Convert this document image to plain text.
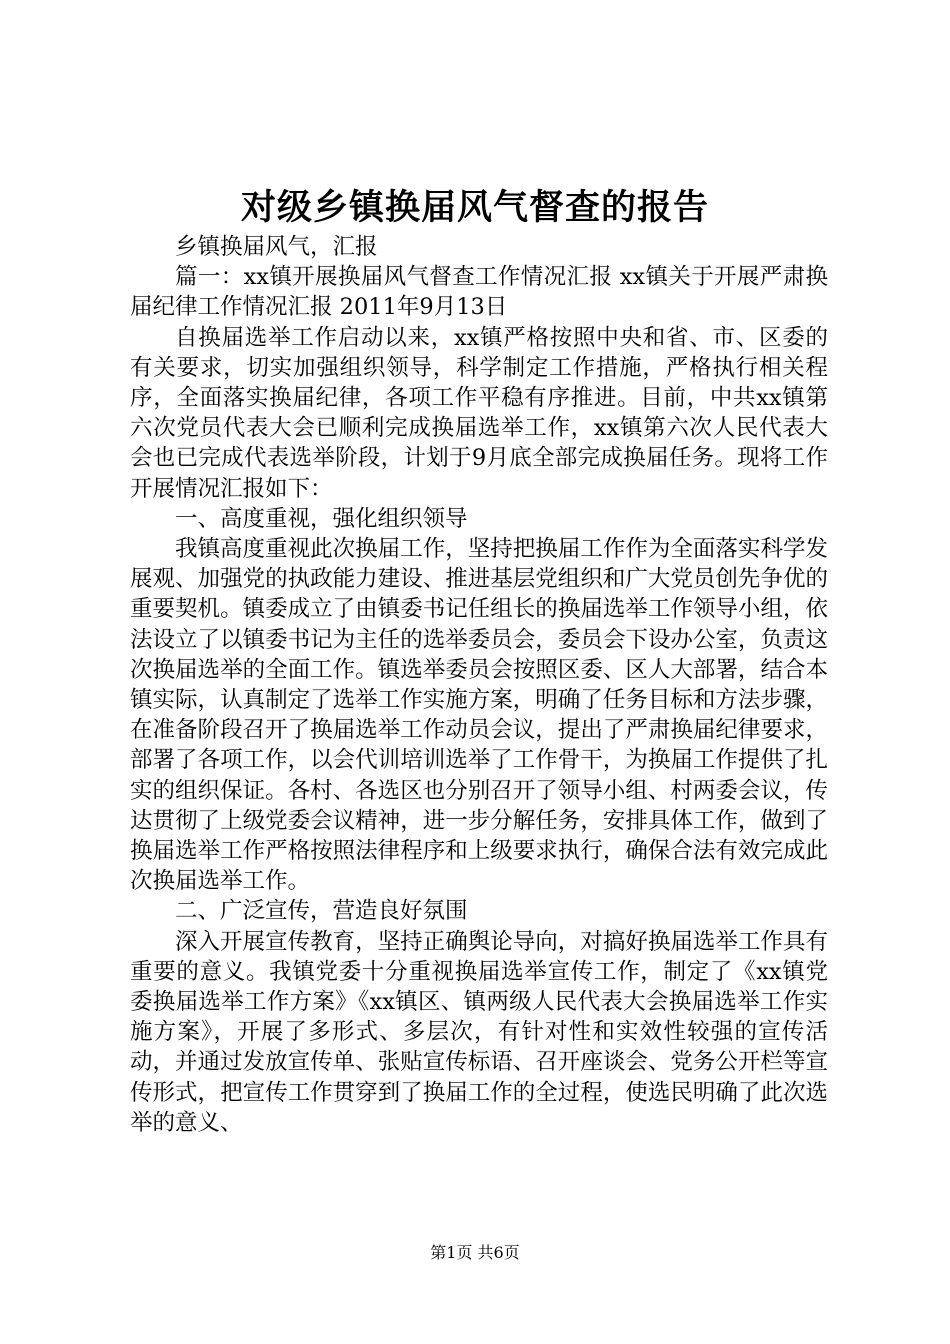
对级乡镇换届风气督查的报告

乡镇换届风气，汇报

篇一：xx镇开展换届风气督查工作情况汇报 xx镇关于开展严肃换届纪律工作情况汇报 2011年9月13日

自换届选举工作启动以来，xx镇严格按照中央和省、市、区委的有关要求，切实加强组织领导，科学制定工作措施，严格执行相关程序，全面落实换届纪律，各项工作平稳有序推进。目前，中共xx镇第六次党员代表大会已顺利完成换届选举工作，xx镇第六次人民代表大会也已完成代表选举阶段，计划于9月底全部完成换届任务。现将工作开展情况汇报如下：

一、高度重视，强化组织领导

我镇高度重视此次换届工作，坚持把换届工作作为全面落实科学发展观、加强党的执政能力建设、推进基层党组织和广大党员创先争优的重要契机。镇委成立了由镇委书记任组长的换届选举工作领导小组，依法设立了以镇委书记为主任的选举委员会，委员会下设办公室，负责这次换届选举的全面工作。镇选举委员会按照区委、区人大部署，结合本镇实际，认真制定了选举工作实施方案，明确了任务目标和方法步骤，在准备阶段召开了换届选举工作动员会议，提出了严肃换届纪律要求，部署了各项工作，以会代训培训选举了工作骨干，为换届工作提供了扎实的组织保证。各村、各选区也分别召开了领导小组、村两委会议，传达贯彻了上级党委会议精神，进一步分解任务，安排具体工作，做到了换届选举工作严格按照法律程序和上级要求执行，确保合法有效完成此次换届选举工作。

二、广泛宣传，营造良好氛围

深入开展宣传教育，坚持正确舆论导向，对搞好换届选举工作具有重要的意义。我镇党委十分重视换届选举宣传工作，制定了《xx镇党委换届选举工作方案》《xx镇区、镇两级人民代表大会换届选举工作实施方案》，开展了多形式、多层次，有针对性和实效性较强的宣传活动，并通过发放宣传单、张贴宣传标语、召开座谈会、党务公开栏等宣传形式，把宣传工作贯穿到了换届工作的全过程，使选民明确了此次选举的意义、

第1页 共6页
